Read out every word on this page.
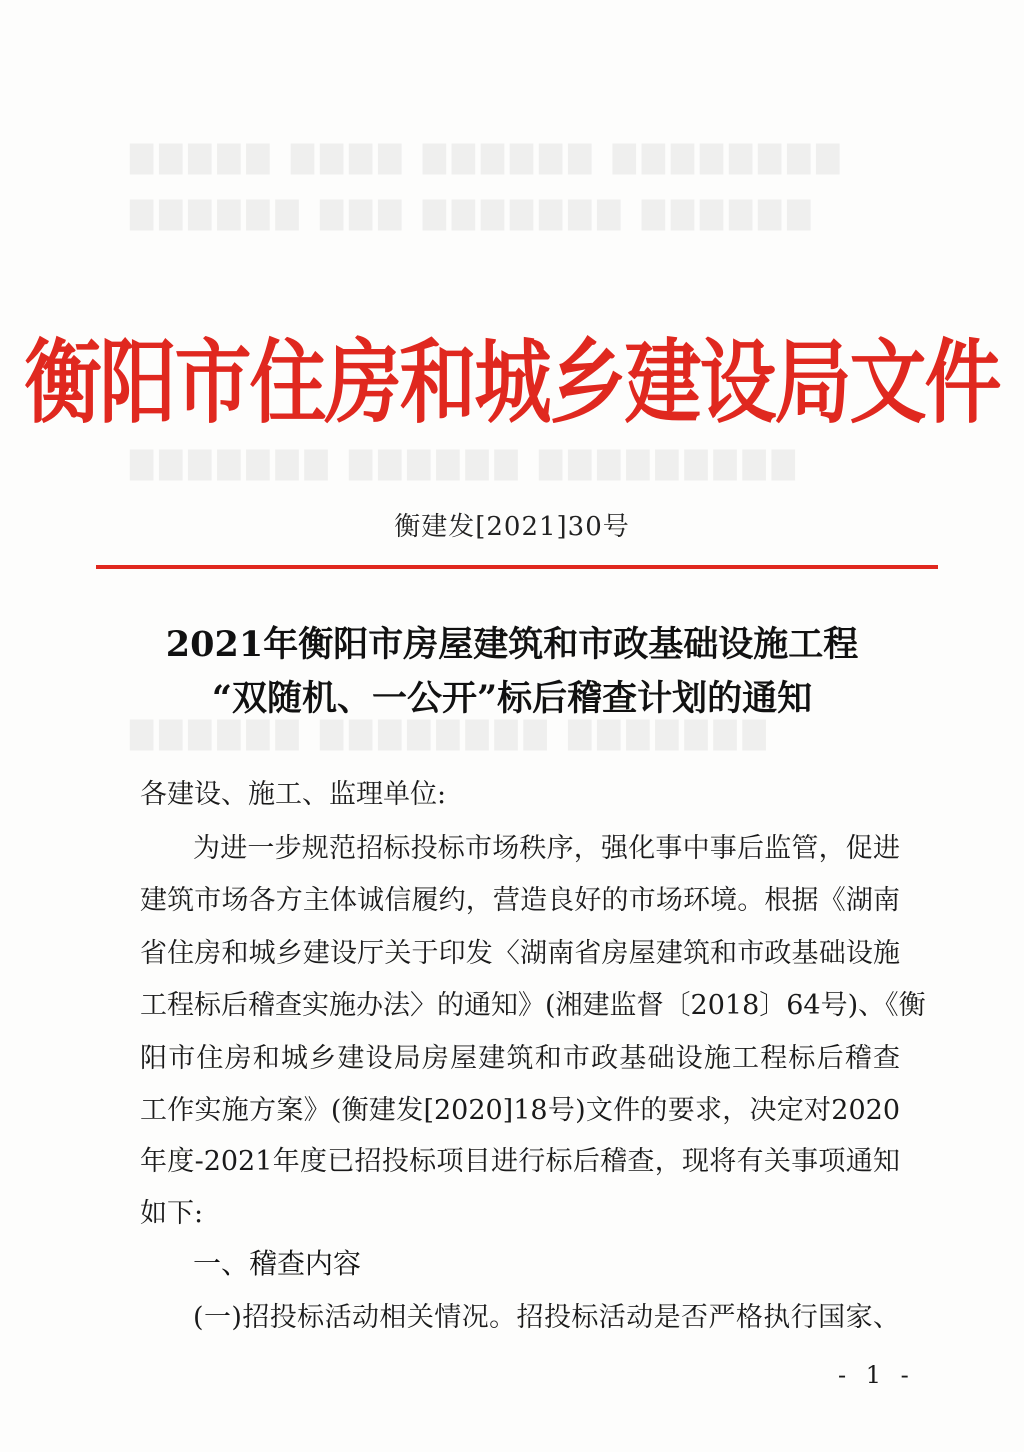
▇▇▇▇▇ ▇▇▇▇ ▇▇▇▇▇▇ ▇▇▇▇▇▇▇▇
▇▇▇▇▇▇ ▇▇▇ ▇▇▇▇▇▇▇ ▇▇▇▇▇▇
▇▇▇▇▇▇▇ ▇▇▇▇▇▇ ▇▇▇▇▇▇▇▇▇
▇▇▇▇▇▇ ▇▇▇▇▇▇▇▇ ▇▇▇▇▇▇▇
衡阳市住房和城乡建设局文件
衡建发[2021]30号
2021年衡阳市房屋建筑和市政基础设施工程
“双随机、一公开”标后稽查计划的通知
各建设、施工、监理单位:
为进一步规范招标投标市场秩序，强化事中事后监管，促进
建筑市场各方主体诚信履约，营造良好的市场环境。根据《湖南
省住房和城乡建设厅关于印发〈湖南省房屋建筑和市政基础设施
工程标后稽查实施办法〉的通知》(湘建监督〔2018〕64号)、《衡
阳市住房和城乡建设局房屋建筑和市政基础设施工程标后稽查
工作实施方案》(衡建发[2020]18号)文件的要求，决定对2020
年度-2021年度已招投标项目进行标后稽查，现将有关事项通知
如下:
一、稽查内容
(一)招投标活动相关情况。招投标活动是否严格执行国家、
- 1 -
